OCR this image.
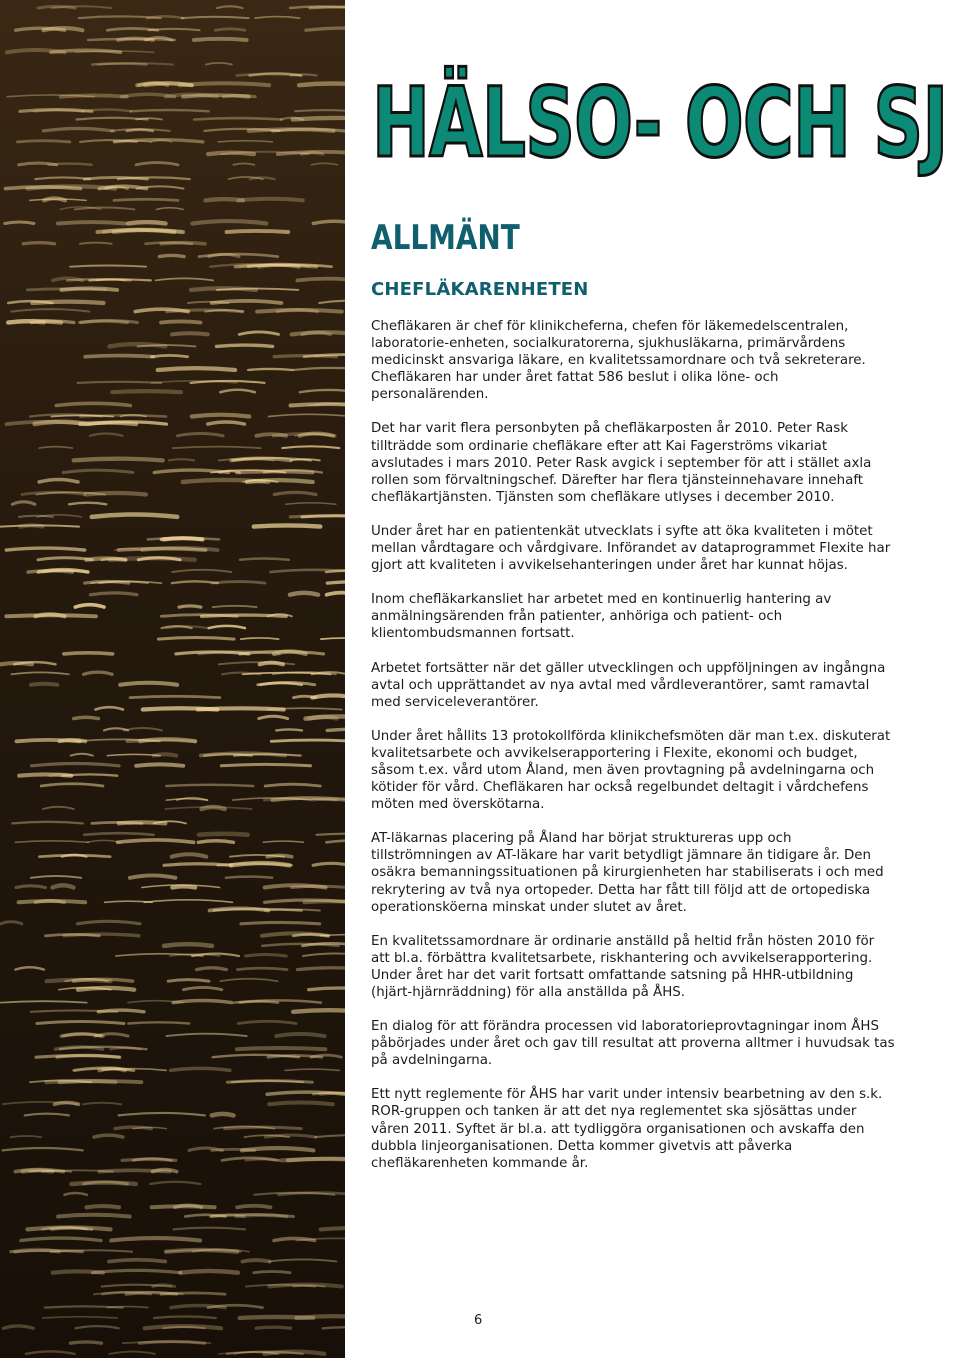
HÄLSO- OCH SJ
ALLMÄNT
CHEFLÄKARENHETEN

Chefläkaren är chef för klinikcheferna, chefen för läkemedelscentralen, laboratorie-enheten, socialkuratorerna, sjukhusläkarna, primärvårdens medicinskt ansvariga läkare, en kvalitetssamordnare och två sekreterare. Chefläkaren har under året fattat 586 beslut i olika löne- och personalärenden.

Det har varit flera personbyten på chefläkarposten år 2010. Peter Rask tillträdde som ordinarie chefläkare efter att Kai Fagerströms vikariat avslutades i mars 2010. Peter Rask avgick i september för att i stället axla rollen som förvaltningschef. Därefter har flera tjänsteinnehavare innehaft chefläkartjänsten. Tjänsten som chefläkare utlyses i december 2010.

Under året har en patientenkät utvecklats i syfte att öka kvaliteten i mötet mellan vårdtagare och vårdgivare. Införandet av dataprogrammet Flexite har gjort att kvaliteten i avvikelsehanteringen under året har kunnat höjas.

Inom chefläkarkansliet har arbetet med en kontinuerlig hantering av anmälningsärenden från patienter, anhöriga och patient- och klientombudsmannen fortsatt.

Arbetet fortsätter när det gäller utvecklingen och uppföljningen av ingångna avtal och upprättandet av nya avtal med vårdleverantörer, samt ramavtal med serviceleverantörer.

Under året hållits 13 protokollförda klinikchefsmöten där man t.ex. diskuterat kvalitetsarbete och avvikelserapportering i Flexite, ekonomi och budget, såsom t.ex. vård utom Åland, men även provtagning på avdelningarna och kötider för vård. Chefläkaren har också regelbundet deltagit i vårdchefens möten med överskötarna.

AT-läkarnas placering på Åland har börjat struktureras upp och tillströmningen av AT-läkare har varit betydligt jämnare än tidigare år. Den osäkra bemanningssituationen på kirurgienheten har stabiliserats i och med rekrytering av två nya ortopeder. Detta har fått till följd att de ortopediska operationsköerna minskat under slutet av året.

En kvalitetssamordnare är ordinarie anställd på heltid från hösten 2010 för att bl.a. förbättra kvalitetsarbete, riskhantering och avvikelserapportering. Under året har det varit fortsatt omfattande satsning på HHR-utbildning (hjärt-hjärnräddning) för alla anställda på ÅHS.

En dialog för att förändra processen vid laboratorieprovtagningar inom ÅHS påbörjades under året och gav till resultat att proverna alltmer i huvudsak tas på avdelningarna.

Ett nytt reglemente för ÅHS har varit under intensiv bearbetning av den s.k. ROR-gruppen och tanken är att det nya reglementet ska sjösättas under våren 2011. Syftet är bl.a. att tydliggöra organisationen och avskaffa den dubbla linjeorganisationen. Detta kommer givetvis att påverka chefläkarenheten kommande år.

6
